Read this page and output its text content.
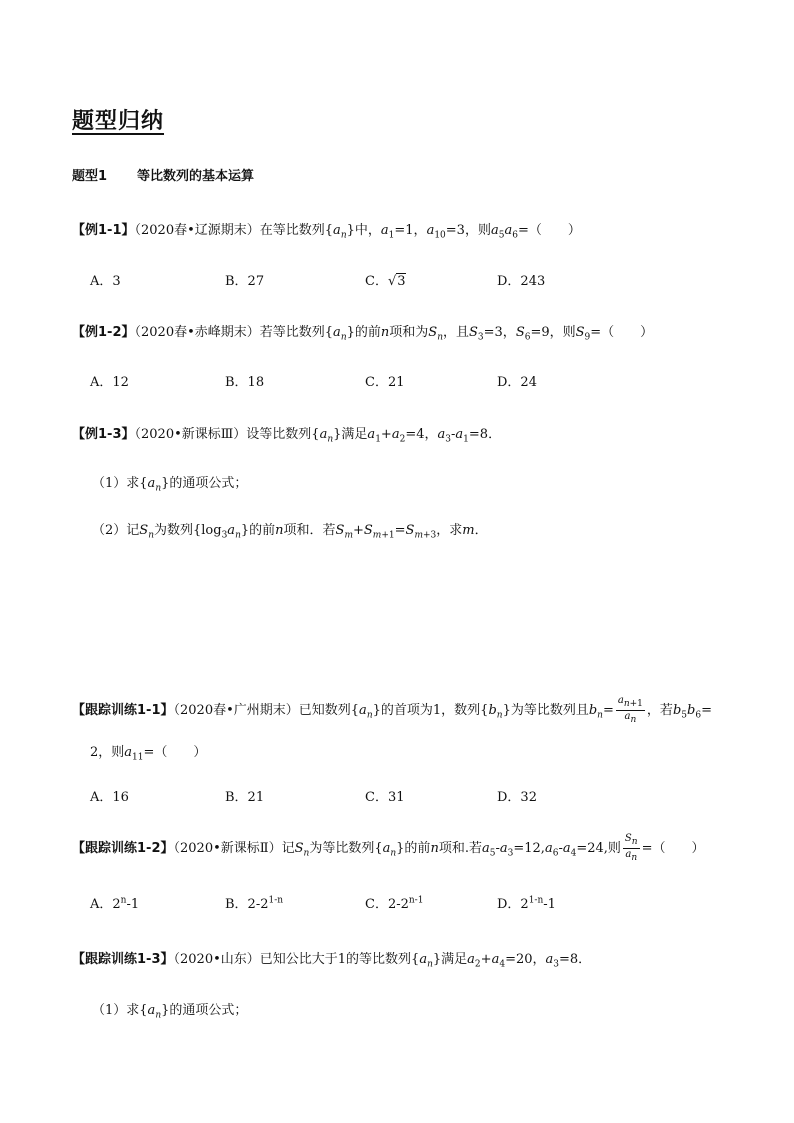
题型归纳
题型1 等比数列的基本运算
【例1-1】（2020春•辽源期末）在等比数列$\{a_n\}$中，$a_1=1$，$a_{10}=3$，则$a_5a_6=$（　　）
A．3	B．27	C．√3	D．243
【例1-2】（2020春•赤峰期末）若等比数列$\{a_n\}$的前n项和为$S_n$，且$S_3=3$，$S_6=9$，则$S_9=$（　　）
A．12	B．18	C．21	D．24
【例1-3】（2020•新课标Ⅲ）设等比数列$\{a_n\}$满足$a_1+a_2=4$，$a_3-a_1=8$．
（1）求$\{a_n\}$的通项公式；
（2）记$S_n$为数列$\{\log_3a_n\}$的前n项和．若$S_m+S_{m+1}=S_{m+3}$，求m．
【跟踪训练1-1】（2020春•广州期末）已知数列$\{a_n\}$的首项为1，数列$\{b_n\}$为等比数列且$b_n= \frac{a_{n+1}}{a_n}$ ，若$b_5b_6=$
2，则$a_{11}=$（　　）
A．16	B．21	C．31	D．32
【跟踪训练1-2】（2020•新课标Ⅱ）记$S_n$为等比数列$\{a_n\}$的前n项和.若$a_5-a_3=12,a_6-a_4=24$,则 $\frac{S_n}{a_n}$ =（　　）
A．2$^n$-1	B．2-2$^{1-n}$	C．2-2$^{n-1}$	D．2$^{1-n}$-1
【跟踪训练1-3】（2020•山东）已知公比大于1的等比数列$\{a_n\}$满足$a_2+a_4=20$，$a_3=8$．
（1）求$\{a_n\}$的通项公式；
